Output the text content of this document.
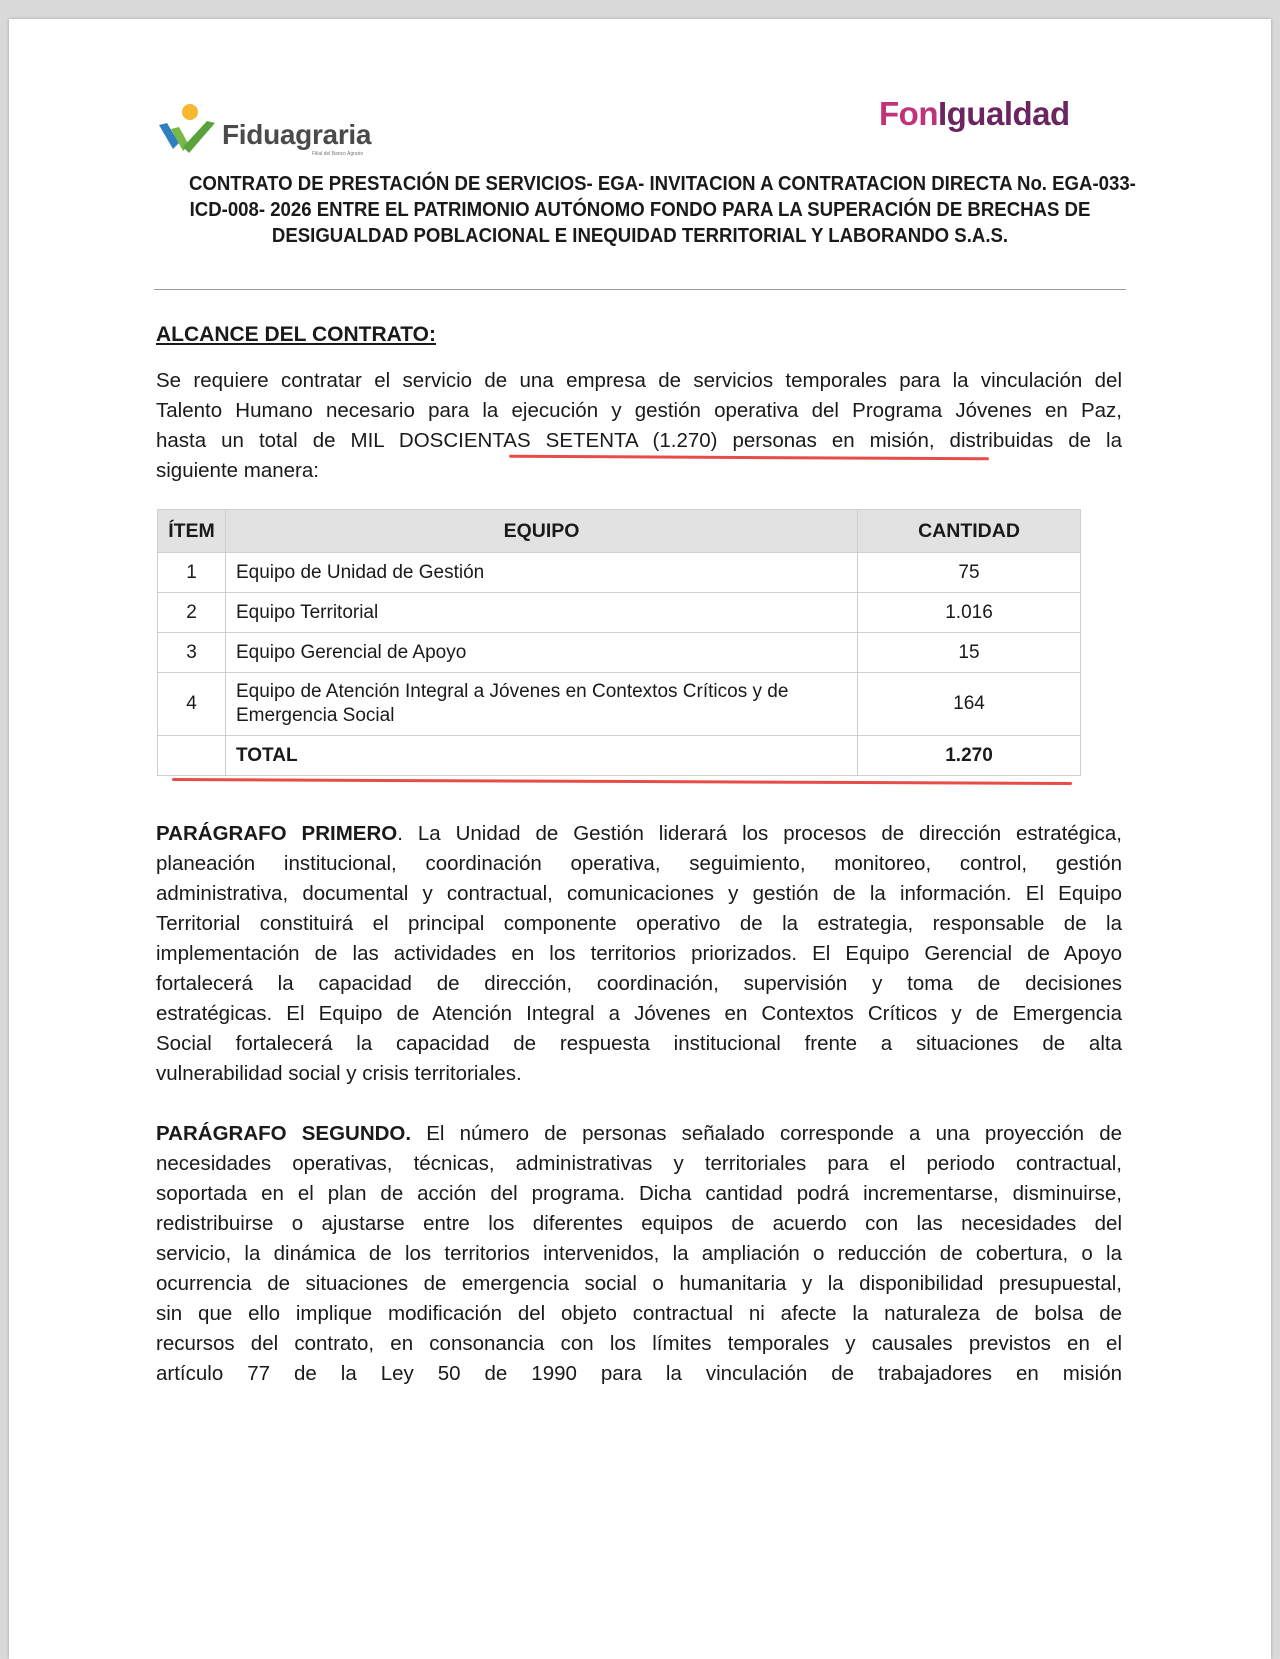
Fiduagraria
Filial del Banco Agrario
FonIgualdad
CONTRATO DE PRESTACIÓN DE SERVICIOS- EGA- INVITACION A CONTRATACION DIRECTA No. EGA-033-
ICD-008- 2026 ENTRE EL PATRIMONIO AUTÓNOMO FONDO PARA LA SUPERACIÓN DE BRECHAS DE
DESIGUALDAD POBLACIONAL E INEQUIDAD TERRITORIAL Y LABORANDO S.A.S.
ALCANCE DEL CONTRATO:
Se requiere contratar el servicio de una empresa de servicios temporales para la vinculación del
Talento Humano necesario para la ejecución y gestión operativa del Programa Jóvenes en Paz,
hasta un total de MIL DOSCIENTAS SETENTA (1.270) personas en misión, distribuidas de la
siguiente manera:
ÍTEM	EQUIPO	CANTIDAD
1	Equipo de Unidad de Gestión	75
2	Equipo Territorial	1.016
3	Equipo Gerencial de Apoyo	15
4	Equipo de Atención Integral a Jóvenes en Contextos Críticos y de Emergencia Social	164
	TOTAL	1.270
PARÁGRAFO PRIMERO. La Unidad de Gestión liderará los procesos de dirección estratégica,
planeación institucional, coordinación operativa, seguimiento, monitoreo, control, gestión
administrativa, documental y contractual, comunicaciones y gestión de la información. El Equipo
Territorial constituirá el principal componente operativo de la estrategia, responsable de la
implementación de las actividades en los territorios priorizados. El Equipo Gerencial de Apoyo
fortalecerá la capacidad de dirección, coordinación, supervisión y toma de decisiones
estratégicas. El Equipo de Atención Integral a Jóvenes en Contextos Críticos y de Emergencia
Social fortalecerá la capacidad de respuesta institucional frente a situaciones de alta
vulnerabilidad social y crisis territoriales.
PARÁGRAFO SEGUNDO. El número de personas señalado corresponde a una proyección de
necesidades operativas, técnicas, administrativas y territoriales para el periodo contractual,
soportada en el plan de acción del programa. Dicha cantidad podrá incrementarse, disminuirse,
redistribuirse o ajustarse entre los diferentes equipos de acuerdo con las necesidades del
servicio, la dinámica de los territorios intervenidos, la ampliación o reducción de cobertura, o la
ocurrencia de situaciones de emergencia social o humanitaria y la disponibilidad presupuestal,
sin que ello implique modificación del objeto contractual ni afecte la naturaleza de bolsa de
recursos del contrato, en consonancia con los límites temporales y causales previstos en el
artículo 77 de la Ley 50 de 1990 para la vinculación de trabajadores en misión
